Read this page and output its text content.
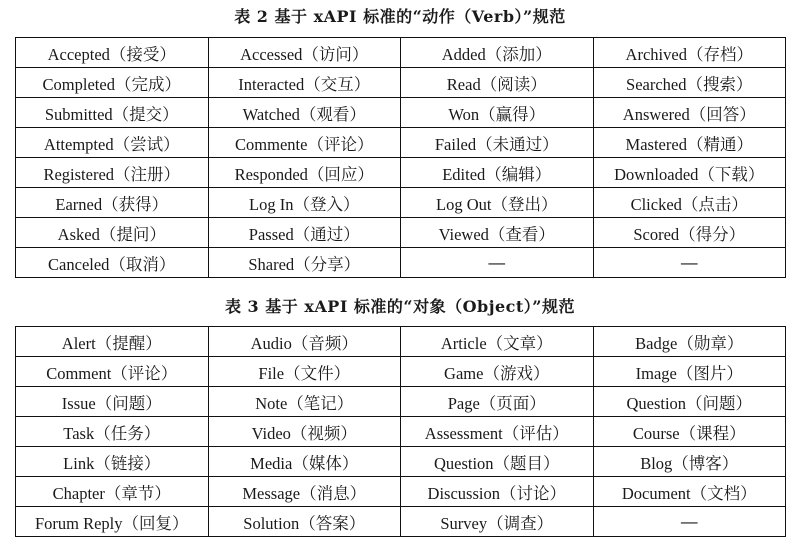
表 2 基于 xAPI 标准的“动作（Verb）”规范
Accepted（接受）	Accessed（访问）	Added（添加）	Archived（存档）
Completed（完成）	Interacted（交互）	Read（阅读）	Searched（搜索）
Submitted（提交）	Watched（观看）	Won（赢得）	Answered（回答）
Attempted（尝试）	Commente（评论）	Failed（未通过）	Mastered（精通）
Registered（注册）	Responded（回应）	Edited（编辑）	Downloaded（下载）
Earned（获得）	Log In（登入）	Log Out（登出）	Clicked（点击）
Asked（提问）	Passed（通过）	Viewed（查看）	Scored（得分）
Canceled（取消）	Shared（分享）	—	—
表 3 基于 xAPI 标准的“对象（Object）”规范
Alert（提醒）	Audio（音频）	Article（文章）	Badge（勋章）
Comment（评论）	File（文件）	Game（游戏）	Image（图片）
Issue（问题）	Note（笔记）	Page（页面）	Question（问题）
Task（任务）	Video（视频）	Assessment（评估）	Course（课程）
Link（链接）	Media（媒体）	Question（题目）	Blog（博客）
Chapter（章节）	Message（消息）	Discussion（讨论）	Document（文档）
Forum Reply（回复）	Solution（答案）	Survey（调查）	—
